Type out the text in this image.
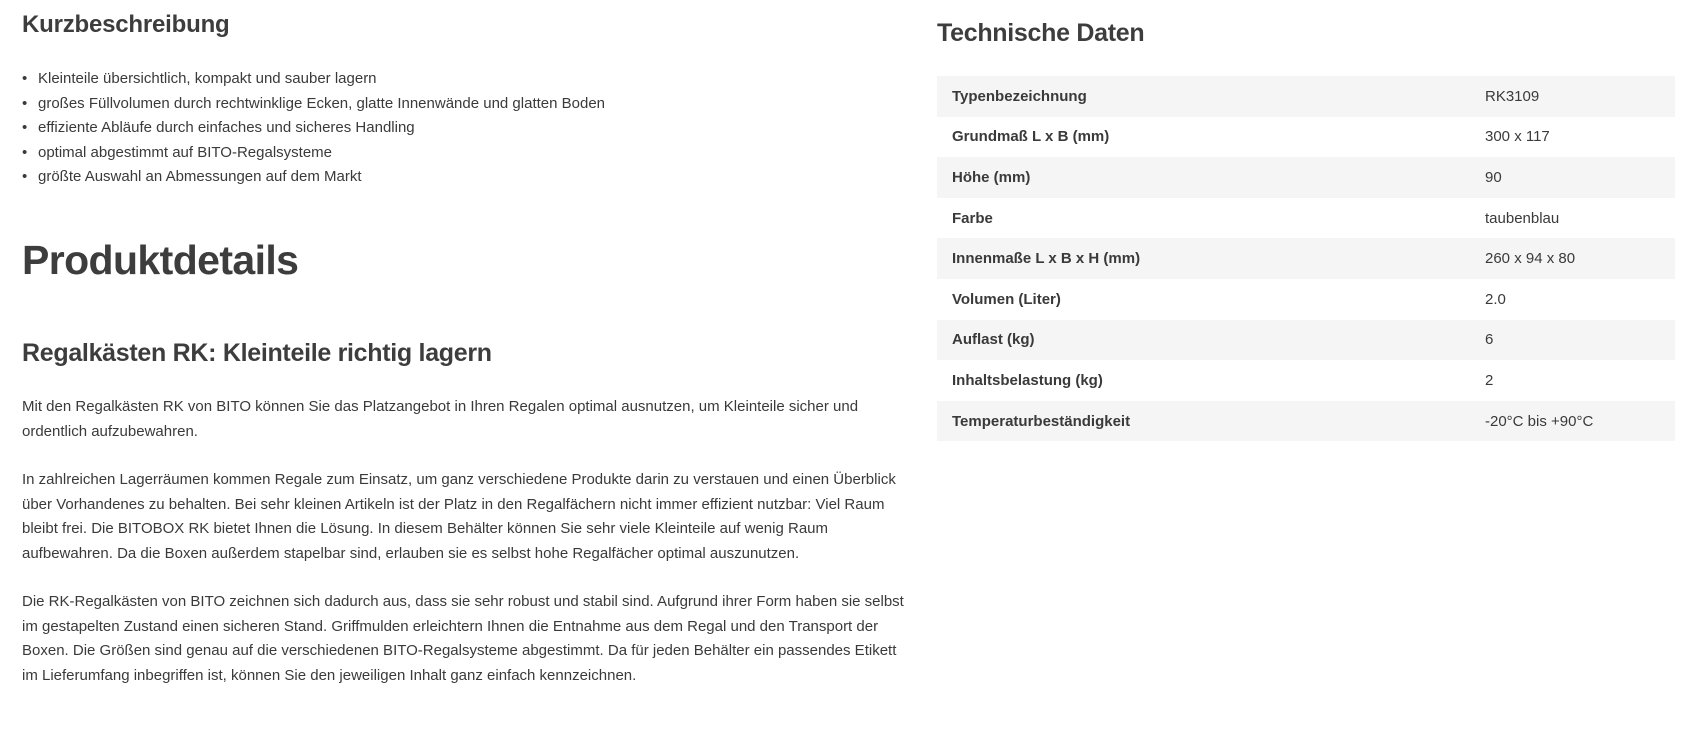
Kurzbeschreibung
• Kleinteile übersichtlich, kompakt und sauber lagern
• großes Füllvolumen durch rechtwinklige Ecken, glatte Innenwände und glatten Boden
• effiziente Abläufe durch einfaches und sicheres Handling
• optimal abgestimmt auf BITO-Regalsysteme
• größte Auswahl an Abmessungen auf dem Markt
Produktdetails
Regalkästen RK: Kleinteile richtig lagern

Mit den Regalkästen RK von BITO können Sie das Platzangebot in Ihren Regalen optimal ausnutzen, um Kleinteile sicher und ordentlich aufzubewahren.

In zahlreichen Lagerräumen kommen Regale zum Einsatz, um ganz verschiedene Produkte darin zu verstauen und einen Überblick über Vorhandenes zu behalten. Bei sehr kleinen Artikeln ist der Platz in den Regalfächern nicht immer effizient nutzbar: Viel Raum bleibt frei. Die BITOBOX RK bietet Ihnen die Lösung. In diesem Behälter können Sie sehr viele Kleinteile auf wenig Raum aufbewahren. Da die Boxen außerdem stapelbar sind, erlauben sie es selbst hohe Regalfächer optimal auszunutzen.

Die RK-Regalkästen von BITO zeichnen sich dadurch aus, dass sie sehr robust und stabil sind. Aufgrund ihrer Form haben sie selbst im gestapelten Zustand einen sicheren Stand. Griffmulden erleichtern Ihnen die Entnahme aus dem Regal und den Transport der Boxen. Die Größen sind genau auf die verschiedenen BITO-Regalsysteme abgestimmt. Da für jeden Behälter ein passendes Etikett im Lieferumfang inbegriffen ist, können Sie den jeweiligen Inhalt ganz einfach kennzeichnen.

Technische Daten
Typenbezeichnung	RK3109
Grundmaß L x B (mm)	300 x 117
Höhe (mm)	90
Farbe	taubenblau
Innenmaße L x B x H (mm)	260 x 94 x 80
Volumen (Liter)	2.0
Auflast (kg)	6
Inhaltsbelastung (kg)	2
Temperaturbeständigkeit	-20°C bis +90°C
